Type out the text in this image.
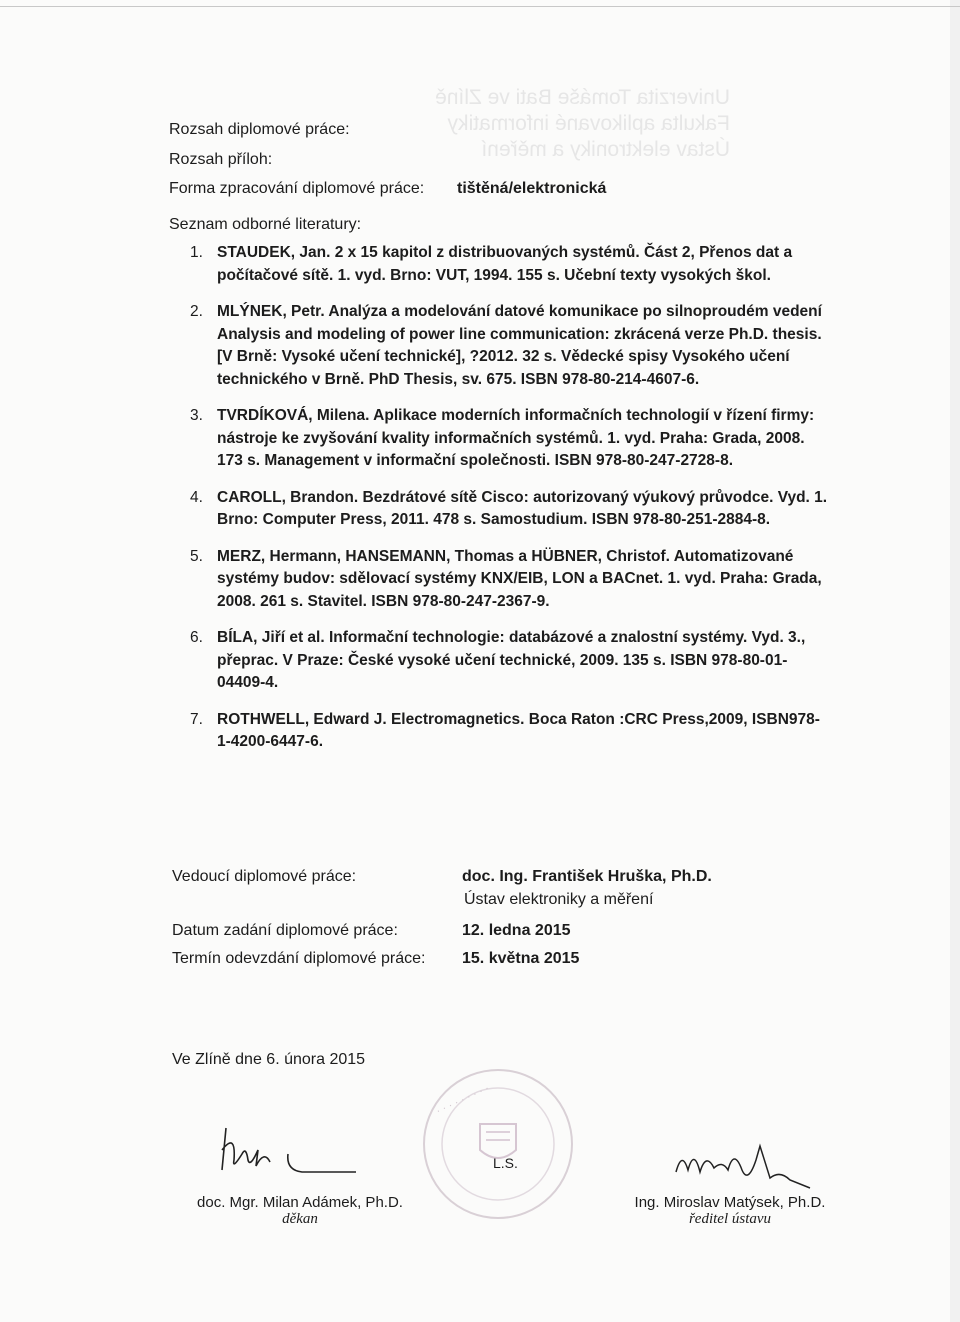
Univerzita Tomáše Bati ve Zlíně
Fakulta aplikované informatiky
Ústav elektroniky a měření
Rozsah diplomové práce:
Rozsah příloh:
Forma zpracování diplomové práce: tištěná/elektronická
Seznam odborné literatury:
1. STAUDEK, Jan. 2 x 15 kapitol z distribuovaných systémů. Část 2, Přenos dat a počítačové sítě. 1. vyd. Brno: VUT, 1994. 155 s. Učební texty vysokých škol.
2. MLÝNEK, Petr. Analýza a modelování datové komunikace po silnoproudém vedení Analysis and modeling of power line communication: zkrácená verze Ph.D. thesis. [V Brně: Vysoké učení technické], ?2012. 32 s. Vědecké spisy Vysokého učení technického v Brně. PhD Thesis, sv. 675. ISBN 978-80-214-4607-6.
3. TVRDÍKOVÁ, Milena. Aplikace moderních informačních technologií v řízení firmy: nástroje ke zvyšování kvality informačních systémů. 1. vyd. Praha: Grada, 2008. 173 s. Management v informační společnosti. ISBN 978-80-247-2728-8.
4. CAROLL, Brandon. Bezdrátové sítě Cisco: autorizovaný výukový průvodce. Vyd. 1. Brno: Computer Press, 2011. 478 s. Samostudium. ISBN 978-80-251-2884-8.
5. MERZ, Hermann, HANSEMANN, Thomas a HÜBNER, Christof. Automatizované systémy budov: sdělovací systémy KNX/EIB, LON a BACnet. 1. vyd. Praha: Grada, 2008. 261 s. Stavitel. ISBN 978-80-247-2367-9.
6. BÍLA, Jiří et al. Informační technologie: databázové a znalostní systémy. Vyd. 3., přeprac. V Praze: České vysoké učení technické, 2009. 135 s. ISBN 978-80-01-04409-4.
7. ROTHWELL, Edward J. Electromagnetics. Boca Raton :CRC Press,2009, ISBN978-1-4200-6447-6.
Vedoucí diplomové práce:	doc. Ing. František Hruška, Ph.D.
Ústav elektroniky a měření
Datum zadání diplomové práce:	12. ledna 2015
Termín odevzdání diplomové práce: 15. května 2015
Ve Zlíně dne 6. února 2015
· · · · · · · · ·
L.S.
doc. Mgr. Milan Adámek, Ph.D.
děkan
Ing. Miroslav Matýsek, Ph.D.
ředitel ústavu
